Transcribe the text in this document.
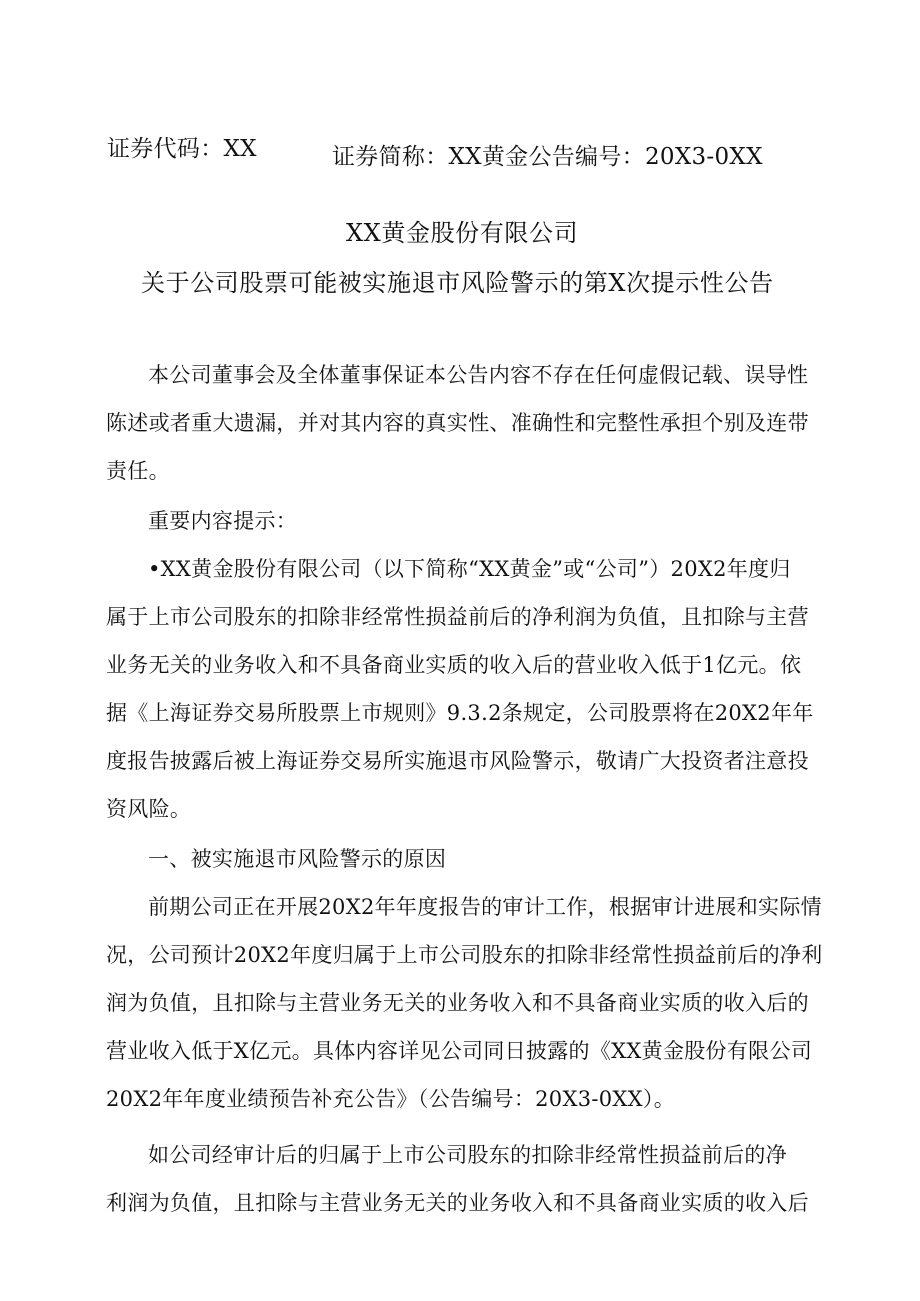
证券代码：XX	证券简称：XX黄金公告编号：20X3-0XX
XX黄金股份有限公司
关于公司股票可能被实施退市风险警示的第X次提示性公告
本公司董事会及全体董事保证本公告内容不存在任何虚假记载、误导性
陈述或者重大遗漏，并对其内容的真实性、准确性和完整性承担个别及连带
责任。
重要内容提示：
•XX黄金股份有限公司（以下简称“XX黄金”或“公司”）20X2年度归
属于上市公司股东的扣除非经常性损益前后的净利润为负值，且扣除与主营
业务无关的业务收入和不具备商业实质的收入后的营业收入低于1亿元。依
据《上海证券交易所股票上市规则》9.3.2条规定，公司股票将在20X2年年
度报告披露后被上海证券交易所实施退市风险警示，敬请广大投资者注意投
资风险。
一、被实施退市风险警示的原因
前期公司正在开展20X2年年度报告的审计工作，根据审计进展和实际情
况，公司预计20X2年度归属于上市公司股东的扣除非经常性损益前后的净利
润为负值，且扣除与主营业务无关的业务收入和不具备商业实质的收入后的
营业收入低于X亿元。具体内容详见公司同日披露的《XX黄金股份有限公司
20X2年年度业绩预告补充公告》（公告编号：20X3-0XX）。
如公司经审计后的归属于上市公司股东的扣除非经常性损益前后的净
利润为负值，且扣除与主营业务无关的业务收入和不具备商业实质的收入后
